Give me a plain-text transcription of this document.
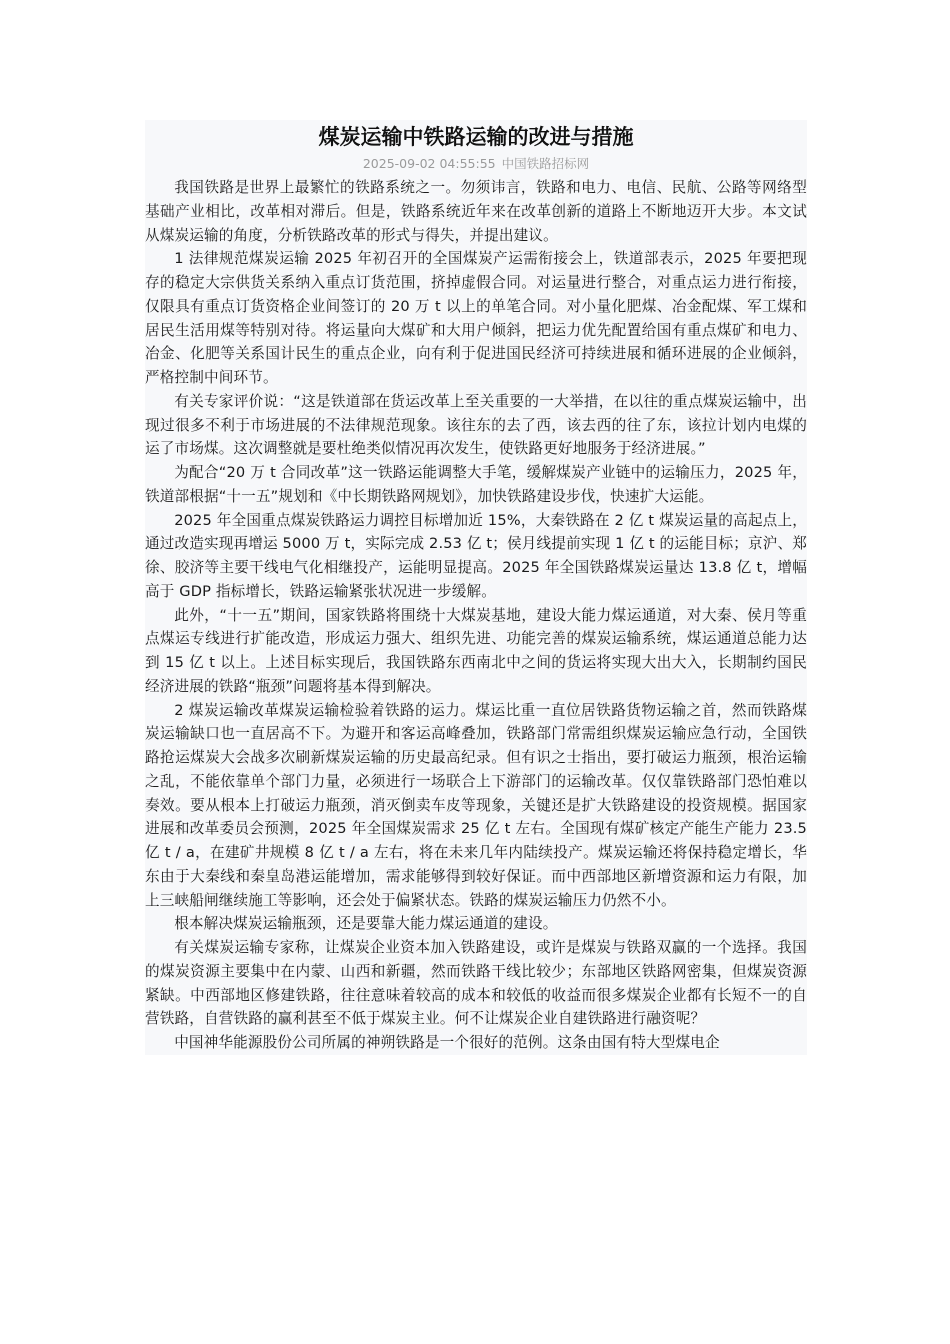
煤炭运输中铁路运输的改进与措施
2025-09-02 04:55:55 中国铁路招标网

我国铁路是世界上最繁忙的铁路系统之一。勿须讳言，铁路和电力、电信、民航、公路等网络型基础产业相比，改革相对滞后。但是，铁路系统近年来在改革创新的道路上不断地迈开大步。本文试从煤炭运输的角度，分析铁路改革的形式与得失，并提出建议。

1 法律规范煤炭运输 2025 年初召开的全国煤炭产运需衔接会上，铁道部表示，2025 年要把现存的稳定大宗供货关系纳入重点订货范围，挤掉虚假合同。对运量进行整合，对重点运力进行衔接，仅限具有重点订货资格企业间签订的 20 万 t 以上的单笔合同。对小量化肥煤、冶金配煤、军工煤和居民生活用煤等特别对待。将运量向大煤矿和大用户倾斜，把运力优先配置给国有重点煤矿和电力、冶金、化肥等关系国计民生的重点企业，向有利于促进国民经济可持续进展和循环进展的企业倾斜，严格控制中间环节。

有关专家评价说：“这是铁道部在货运改革上至关重要的一大举措，在以往的重点煤炭运输中，出现过很多不利于市场进展的不法律规范现象。该往东的去了西，该去西的往了东，该拉计划内电煤的运了市场煤。这次调整就是要杜绝类似情况再次发生，使铁路更好地服务于经济进展。”

为配合“20 万 t 合同改革”这一铁路运能调整大手笔，缓解煤炭产业链中的运输压力，2025 年，铁道部根据“十一五”规划和《中长期铁路网规划》，加快铁路建设步伐，快速扩大运能。

2025 年全国重点煤炭铁路运力调控目标增加近 15%，大秦铁路在 2 亿 t 煤炭运量的高起点上，通过改造实现再增运 5000 万 t，实际完成 2.53 亿 t；侯月线提前实现 1 亿 t 的运能目标；京沪、郑徐、胶济等主要干线电气化相继投产，运能明显提高。2025 年全国铁路煤炭运量达 13.8 亿 t，增幅高于 GDP 指标增长，铁路运输紧张状况进一步缓解。

此外，“十一五”期间，国家铁路将围绕十大煤炭基地，建设大能力煤运通道，对大秦、侯月等重点煤运专线进行扩能改造，形成运力强大、组织先进、功能完善的煤炭运输系统，煤运通道总能力达到 15 亿 t 以上。上述目标实现后，我国铁路东西南北中之间的货运将实现大出大入，长期制约国民经济进展的铁路“瓶颈”问题将基本得到解决。

2 煤炭运输改革煤炭运输检验着铁路的运力。煤运比重一直位居铁路货物运输之首，然而铁路煤炭运输缺口也一直居高不下。为避开和客运高峰叠加，铁路部门常需组织煤炭运输应急行动，全国铁路抢运煤炭大会战多次刷新煤炭运输的历史最高纪录。但有识之士指出，要打破运力瓶颈，根治运输之乱，不能依靠单个部门力量，必须进行一场联合上下游部门的运输改革。仅仅靠铁路部门恐怕难以奏效。要从根本上打破运力瓶颈，消灭倒卖车皮等现象，关键还是扩大铁路建设的投资规模。据国家进展和改革委员会预测，2025 年全国煤炭需求 25 亿 t 左右。全国现有煤矿核定产能生产能力 23.5 亿 t / a，在建矿井规模 8 亿 t / a 左右，将在未来几年内陆续投产。煤炭运输还将保持稳定增长，华东由于大秦线和秦皇岛港运能增加，需求能够得到较好保证。而中西部地区新增资源和运力有限，加上三峡船闸继续施工等影响，还会处于偏紧状态。铁路的煤炭运输压力仍然不小。

根本解决煤炭运输瓶颈，还是要靠大能力煤运通道的建设。

有关煤炭运输专家称，让煤炭企业资本加入铁路建设，或许是煤炭与铁路双赢的一个选择。我国的煤炭资源主要集中在内蒙、山西和新疆，然而铁路干线比较少；东部地区铁路网密集，但煤炭资源紧缺。中西部地区修建铁路，往往意味着较高的成本和较低的收益而很多煤炭企业都有长短不一的自营铁路，自营铁路的赢利甚至不低于煤炭主业。何不让煤炭企业自建铁路进行融资呢？

中国神华能源股份公司所属的神朔铁路是一个很好的范例。这条由国有特大型煤电企
